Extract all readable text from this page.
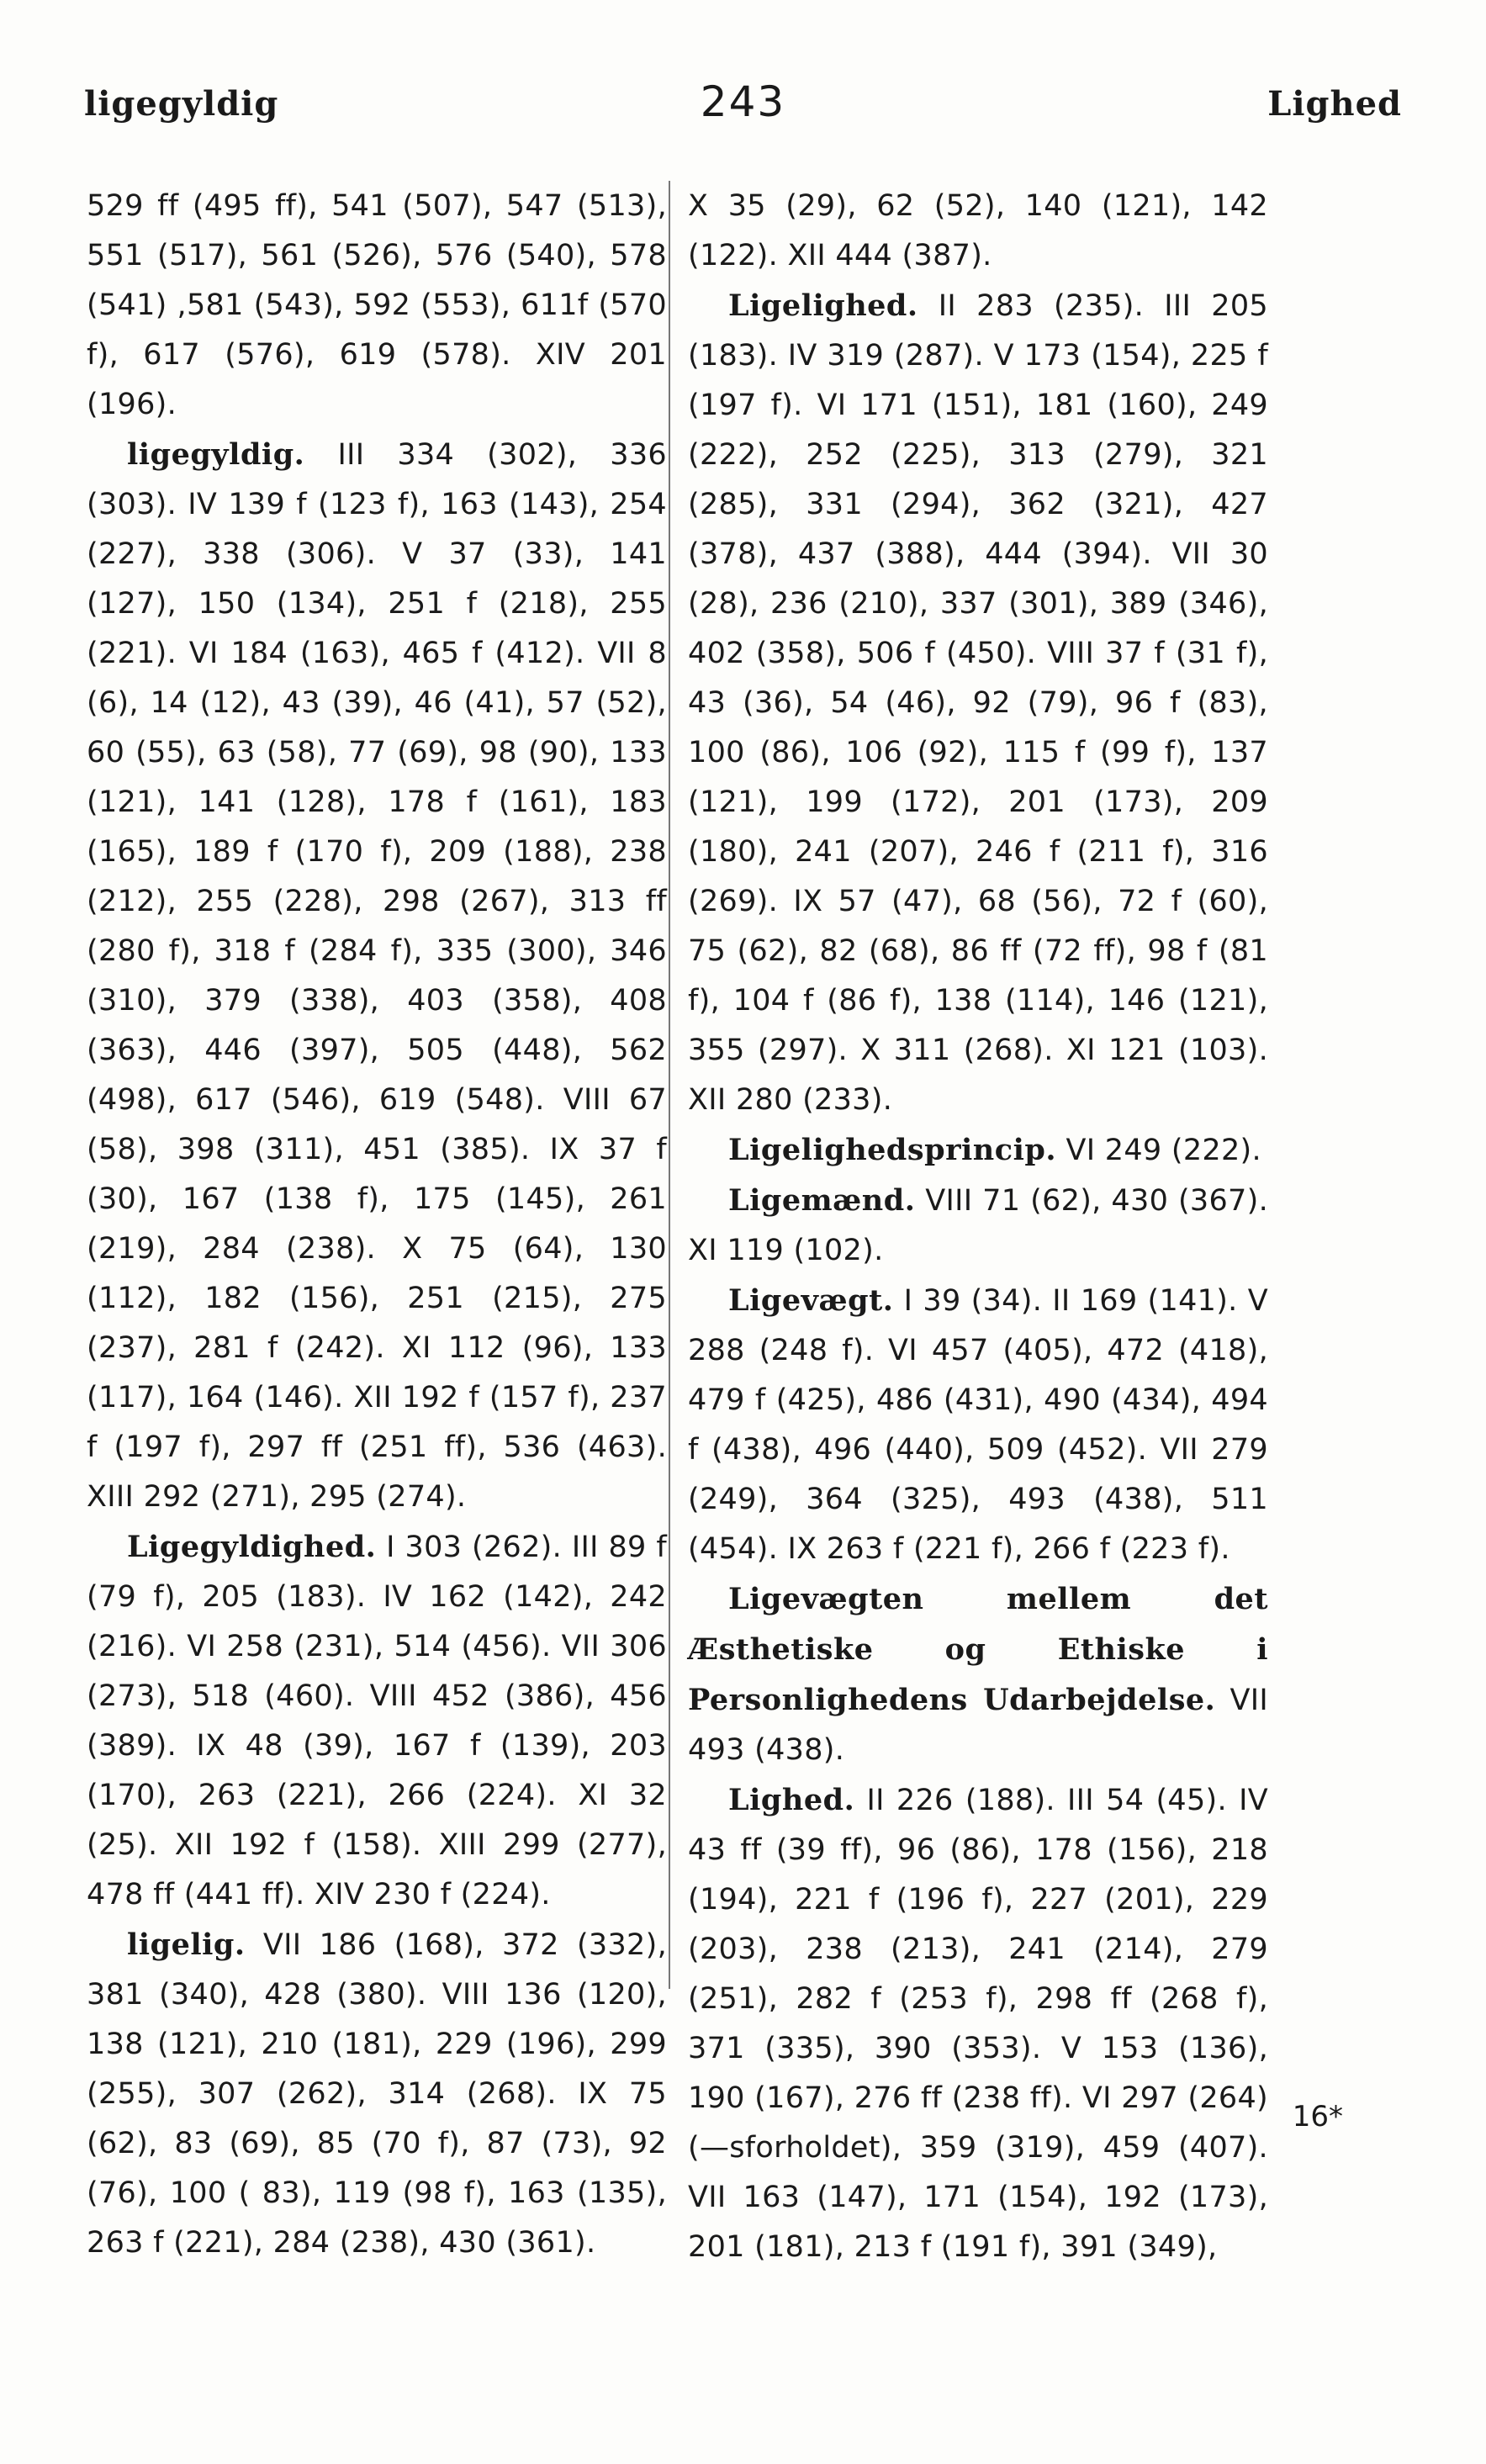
ligegyldig	243	Lighed

529 ff (495 ff), 541 (507), 547 (513), 551 (517), 561 (526), 576 (540), 578 (541) ,581 (543), 592 (553), 611f (570 f), 617 (576), 619 (578). XIV 201 (196).

ligegyldig. III 334 (302), 336 (303). IV 139 f (123 f), 163 (143), 254 (227), 338 (306). V 37 (33), 141 (127), 150 (134), 251 f (218), 255 (221). VI 184 (163), 465 f (412). VII 8 (6), 14 (12), 43 (39), 46 (41), 57 (52), 60 (55), 63 (58), 77 (69), 98 (90), 133 (121), 141 (128), 178 f (161), 183 (165), 189 f (170 f), 209 (188), 238 (212), 255 (228), 298 (267), 313 ff (280 f), 318 f (284 f), 335 (300), 346 (310), 379 (338), 403 (358), 408 (363), 446 (397), 505 (448), 562 (498), 617 (546), 619 (548). VIII 67 (58), 398 (311), 451 (385). IX 37 f (30), 167 (138 f), 175 (145), 261 (219), 284 (238). X 75 (64), 130 (112), 182 (156), 251 (215), 275 (237), 281 f (242). XI 112 (96), 133 (117), 164 (146). XII 192 f (157 f), 237 f (197 f), 297 ff (251 ff), 536 (463). XIII 292 (271), 295 (274).

Ligegyldighed. I 303 (262). III 89 f (79 f), 205 (183). IV 162 (142), 242 (216). VI 258 (231), 514 (456). VII 306 (273), 518 (460). VIII 452 (386), 456 (389). IX 48 (39), 167 f (139), 203 (170), 263 (221), 266 (224). XI 32 (25). XII 192 f (158). XIII 299 (277), 478 ff (441 ff). XIV 230 f (224).

ligelig. VII 186 (168), 372 (332), 381 (340), 428 (380). VIII 136 (120), 138 (121), 210 (181), 229 (196), 299 (255), 307 (262), 314 (268). IX 75 (62), 83 (69), 85 (70 f), 87 (73), 92 (76), 100 ( 83), 119 (98 f), 163 (135), 263 f (221), 284 (238), 430 (361).

X 35 (29), 62 (52), 140 (121), 142 (122). XII 444 (387).

Ligelighed. II 283 (235). III 205 (183). IV 319 (287). V 173 (154), 225 f (197 f). VI 171 (151), 181 (160), 249 (222), 252 (225), 313 (279), 321 (285), 331 (294), 362 (321), 427 (378), 437 (388), 444 (394). VII 30 (28), 236 (210), 337 (301), 389 (346), 402 (358), 506 f (450). VIII 37 f (31 f), 43 (36), 54 (46), 92 (79), 96 f (83), 100 (86), 106 (92), 115 f (99 f), 137 (121), 199 (172), 201 (173), 209 (180), 241 (207), 246 f (211 f), 316 (269). IX 57 (47), 68 (56), 72 f (60), 75 (62), 82 (68), 86 ff (72 ff), 98 f (81 f), 104 f (86 f), 138 (114), 146 (121), 355 (297). X 311 (268). XI 121 (103). XII 280 (233).

Ligelighedsprincip. VI 249 (222).

Ligemænd. VIII 71 (62), 430 (367). XI 119 (102).

Ligevægt. I 39 (34). II 169 (141). V 288 (248 f). VI 457 (405), 472 (418), 479 f (425), 486 (431), 490 (434), 494 f (438), 496 (440), 509 (452). VII 279 (249), 364 (325), 493 (438), 511 (454). IX 263 f (221 f), 266 f (223 f).

Ligevægten mellem det Æsthetiske og Ethiske i Personlighedens Udarbejdelse. VII 493 (438).

Lighed. II 226 (188). III 54 (45). IV 43 ff (39 ff), 96 (86), 178 (156), 218 (194), 221 f (196 f), 227 (201), 229 (203), 238 (213), 241 (214), 279 (251), 282 f (253 f), 298 ff (268 f), 371 (335), 390 (353). V 153 (136), 190 (167), 276 ff (238 ff). VI 297 (264) (—sforholdet), 359 (319), 459 (407). VII 163 (147), 171 (154), 192 (173), 201 (181), 213 f (191 f), 391 (349),

16*
